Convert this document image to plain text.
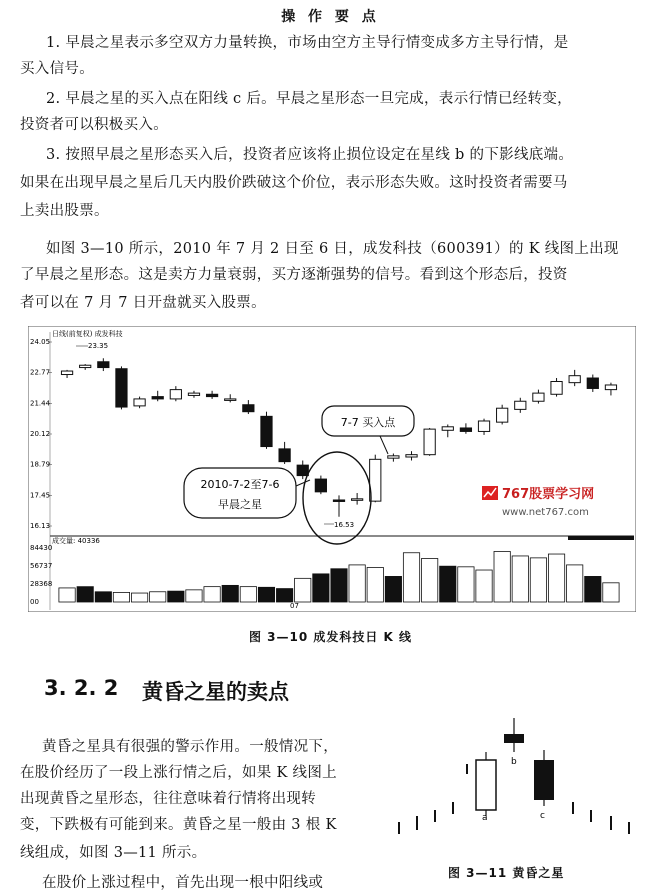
操 作 要 点
1. 早晨之星表示多空双方力量转换，市场由空方主导行情变成多方主导行情，是
买入信号。
2. 早晨之星的买入点在阳线 c 后。早晨之星形态一旦完成，表示行情已经转变，
投资者可以积极买入。
3. 按照早晨之星形态买入后，投资者应该将止损位设定在星线 b 的下影线底端。
如果在出现早晨之星后几天内股价跌破这个价位，表示形态失败。这时投资者需要马
上卖出股票。
如图 3—10 所示，2010 年 7 月 2 日至 6 日，成发科技（600391）的 K 线图上出现
了早晨之星形态。这是卖方力量衰弱，买方逐渐强势的信号。看到这个形态后，投资
者可以在 7 月 7 日开盘就买入股票。
日线(前复权) 成发科技
24.05
22.77
21.44
20.12
18.79
17.45
16.13
23.35
16.53
成交量: 40336
84430
56737
28368
00	07
7-7 买入点
2010-7-2至7-6
早晨之星
767股票学习网
www.net767.com
图 3—10 成发科技日 K 线
3. 2. 2 黄昏之星的卖点
黄昏之星具有很强的警示作用。一般情况下，
在股价经历了一段上涨行情之后，如果 K 线图上
出现黄昏之星形态，往往意味着行情将出现转
变，下跌极有可能到来。黄昏之星一般由 3 根 K
线组成，如图 3—11 所示。
在股价上涨过程中，首先出现一根中阳线或
a
b
c
图 3—11 黄昏之星
